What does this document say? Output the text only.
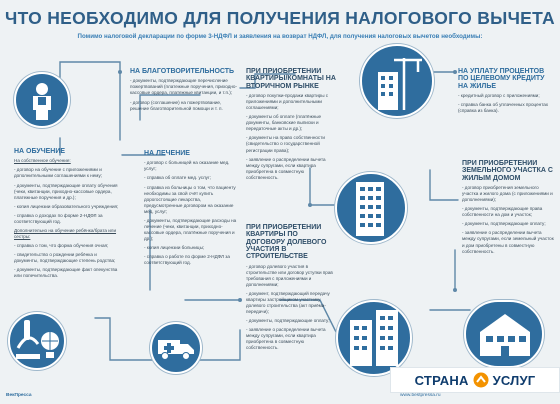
ЧТО НЕОБХОДИМО ДЛЯ ПОЛУЧЕНИЯ НАЛОГОВОГО ВЫЧЕТА
Помимо налоговой декларации по форме 3-НДФЛ и заявления на возврат НДФЛ, для получения налоговых вычетов необходимы:
НА БЛАГОТВОРИТЕЛЬНОСТЬ
- документы, подтверждающие перечисление пожертвований (платежные поручения, приходно-кассовые ордера, платежные квитанции, и т.п.);
- договор (соглашение) на пожертвование, решение благотворительной помощи и т. п.
НА ОБУЧЕНИЕ
На собственное обучение:
- договор на обучение с приложениями и дополнительными соглашениями к нему;
- документы, подтверждающие оплату обучения (чеки, квитанции, приходно-кассовые ордера, платежные поручения и др.);
- копия лицензии образовательного учреждения;
- справка о доходах по форме 2-НДФЛ за соответствующий год.
Дополнительно на обучение ребёнка/брата или сестры:
- справка о том, что форма обучения очная;
- свидетельство о рождении ребёнка и документы, подтверждающие степень родства;
- документы, подтверждающие факт опекунства или попечительства.
НА ЛЕЧЕНИЕ
- договор с больницей на оказание мед. услуг;
- справка об оплате мед. услуг;
- справка из больницы о том, что пациенту необходимы за свой счёт купить дорогостоящие лекарства, предусмотренные договором на оказание мед. услуг;
- документы, подтверждающие расходы на лечение (чеки, квитанции, приходно-кассовые ордера, платёжные поручения и др.);
- копия лицензии больницы;
- справка о работе по форме 2-НДФЛ за соответствующий год.
ПРИ ПРИОБРЕТЕНИИ КВАРТИРЫ/КОМНАТЫ НА ВТОРИЧНОМ РЫНКЕ
- договор покупки-продажи квартиры с приложениями и дополнительными соглашениями;
- документы об оплате (платёжные документы, банковские выписки и передаточные акты и др.);
- документы на право собственности (свидетельство о государственной регистрации права);
- заявление о распределении вычета между супругами, если квартира приобретена в совместную собственность.
ПРИ ПРИОБРЕТЕНИИ КВАРТИРЫ ПО ДОГОВОРУ ДОЛЕВОГО УЧАСТИЯ В СТРОИТЕЛЬСТВЕ
- договор долевого участия в строительстве или договор уступки прав требования с приложениями и дополнениями;
- документ, подтверждающий передачу квартиры застройщиком участнику долевого строительства (акт приёма-передачи);
- документы, подтверждающие оплату;
- заявление о распределении вычета между супругами, если квартира приобретена в совместную собственность.
НА УПЛАТУ ПРОЦЕНТОВ ПО ЦЕЛЕВОМУ КРЕДИТУ НА ЖИЛЬЕ
- кредитный договор с приложениями;
- справка банка об уплаченных процентах (справка из банка).
ПРИ ПРИОБРЕТЕНИИ ЗЕМЕЛЬНОГО УЧАСТКА С ЖИЛЫМ ДОМОМ
- договор приобретения земельного участка и жилого дома (с приложениями и дополнениями);
- документы, подтверждающие права собственности на дом и участок;
- документы, подтверждающие оплату;
- заявление о распределении вычета между супругами, если земельный участок и дом приобретены в совместную собственность.
ВекПресса	www.bestpressa.ru
СТРАНА УСЛУГ
